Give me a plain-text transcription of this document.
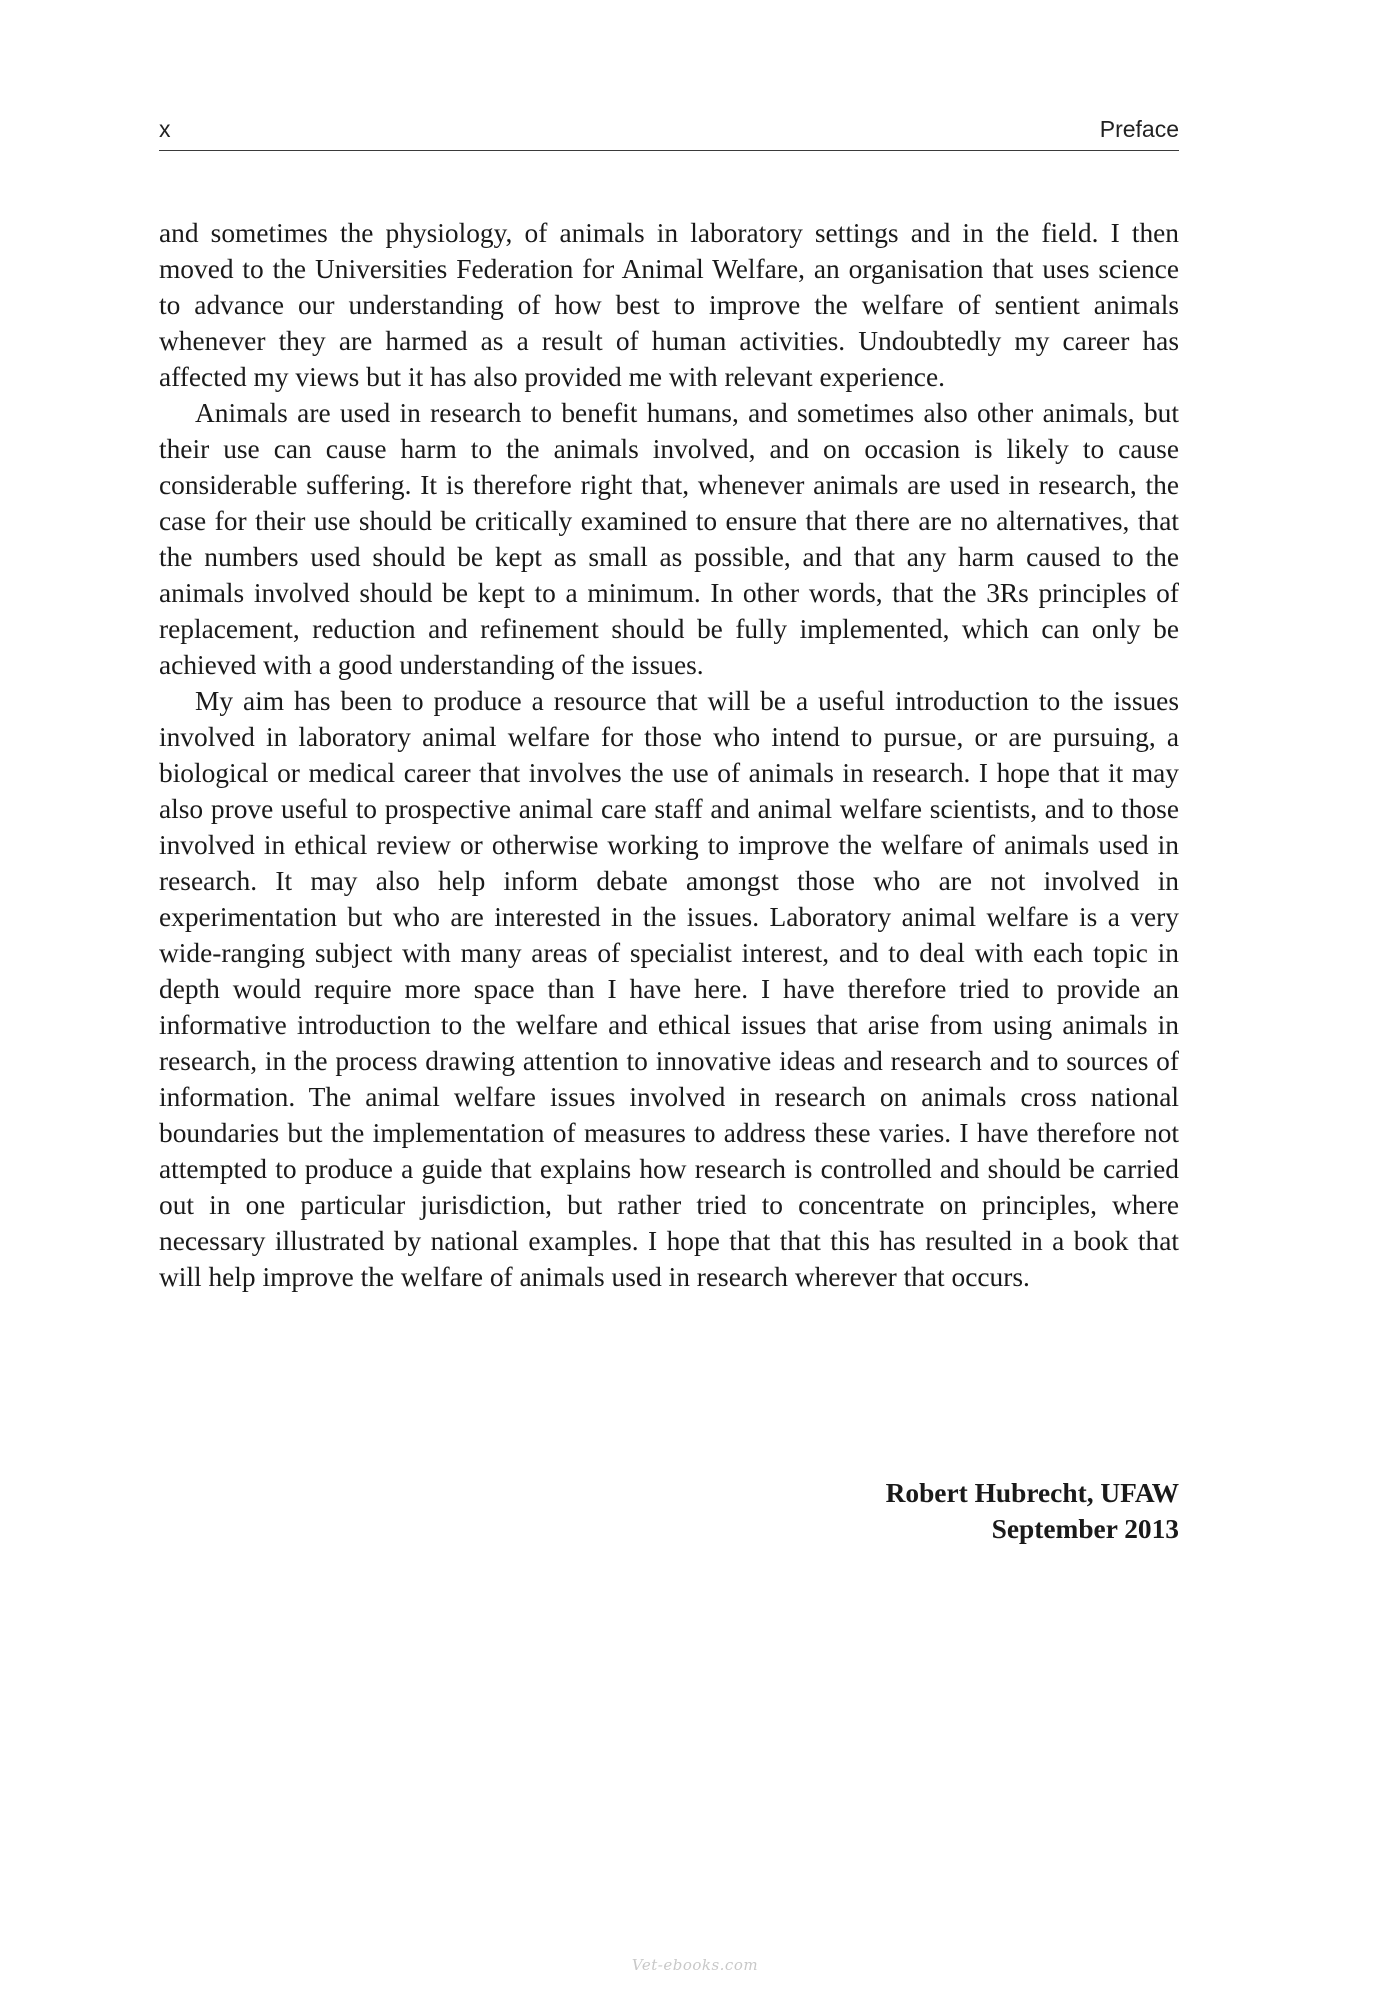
x	Preface

and sometimes the physiology, of animals in laboratory settings and in the field. I then moved to the Universities Federation for Animal Welfare, an organisation that uses science to advance our understanding of how best to improve the welfare of sentient animals whenever they are harmed as a result of human activities. Undoubtedly my career has affected my views but it has also provided me with relevant experience.

Animals are used in research to benefit humans, and sometimes also other animals, but their use can cause harm to the animals involved, and on occasion is likely to cause considerable suffering. It is therefore right that, whenever animals are used in research, the case for their use should be critically examined to ensure that there are no alternatives, that the numbers used should be kept as small as possible, and that any harm caused to the animals involved should be kept to a minimum. In other words, that the 3Rs principles of replacement, reduction and refinement should be fully implemented, which can only be achieved with a good understanding of the issues.

My aim has been to produce a resource that will be a useful introduction to the issues involved in laboratory animal welfare for those who intend to pursue, or are pursuing, a biological or medical career that involves the use of animals in research. I hope that it may also prove useful to prospective animal care staff and animal welfare scientists, and to those involved in ethical review or otherwise working to improve the welfare of animals used in research. It may also help inform debate amongst those who are not involved in experimentation but who are interested in the issues. Laboratory animal welfare is a very wide-ranging subject with many areas of specialist interest, and to deal with each topic in depth would require more space than I have here. I have therefore tried to provide an informative introduction to the welfare and ethical issues that arise from using animals in research, in the process drawing attention to innovative ideas and research and to sources of information. The animal welfare issues involved in research on animals cross national boundaries but the implementation of measures to address these varies. I have therefore not attempted to produce a guide that explains how research is controlled and should be carried out in one particular jurisdiction, but rather tried to concentrate on principles, where necessary illustrated by national examples. I hope that that this has resulted in a book that will help improve the welfare of animals used in research wherever that occurs.

Robert Hubrecht, UFAW
September 2013
Vet-ebooks.com
